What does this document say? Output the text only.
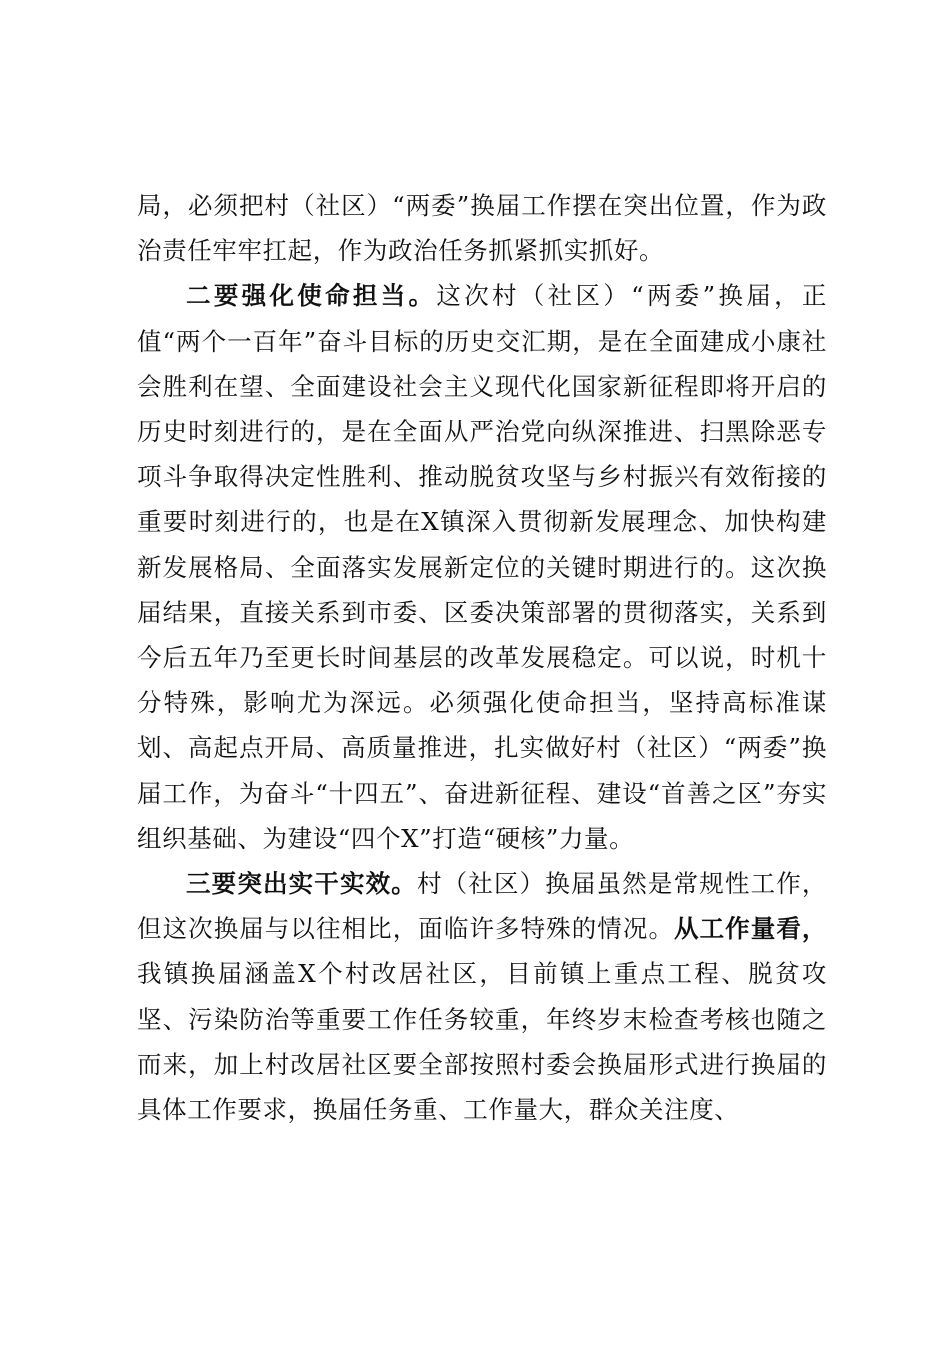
局，必须把村（社区）“两委”换届工作摆在突出位置，作为政治责任牢牢扛起，作为政治任务抓紧抓实抓好。

二要强化使命担当。这次村（社区）“两委”换届，正值“两个一百年”奋斗目标的历史交汇期，是在全面建成小康社会胜利在望、全面建设社会主义现代化国家新征程即将开启的历史时刻进行的，是在全面从严治党向纵深推进、扫黑除恶专项斗争取得决定性胜利、推动脱贫攻坚与乡村振兴有效衔接的重要时刻进行的，也是在X镇深入贯彻新发展理念、加快构建新发展格局、全面落实发展新定位的关键时期进行的。这次换届结果，直接关系到市委、区委决策部署的贯彻落实，关系到今后五年乃至更长时间基层的改革发展稳定。可以说，时机十分特殊，影响尤为深远。必须强化使命担当，坚持高标准谋划、高起点开局、高质量推进，扎实做好村（社区）“两委”换届工作，为奋斗“十四五”、奋进新征程、建设“首善之区”夯实组织基础、为建设“四个X”打造“硬核”力量。

三要突出实干实效。村（社区）换届虽然是常规性工作，但这次换届与以往相比，面临许多特殊的情况。从工作量看，我镇换届涵盖X个村改居社区，目前镇上重点工程、脱贫攻坚、污染防治等重要工作任务较重，年终岁末检查考核也随之而来，加上村改居社区要全部按照村委会换届形式进行换届的具体工作要求，换届任务重、工作量大，群众关注度、
